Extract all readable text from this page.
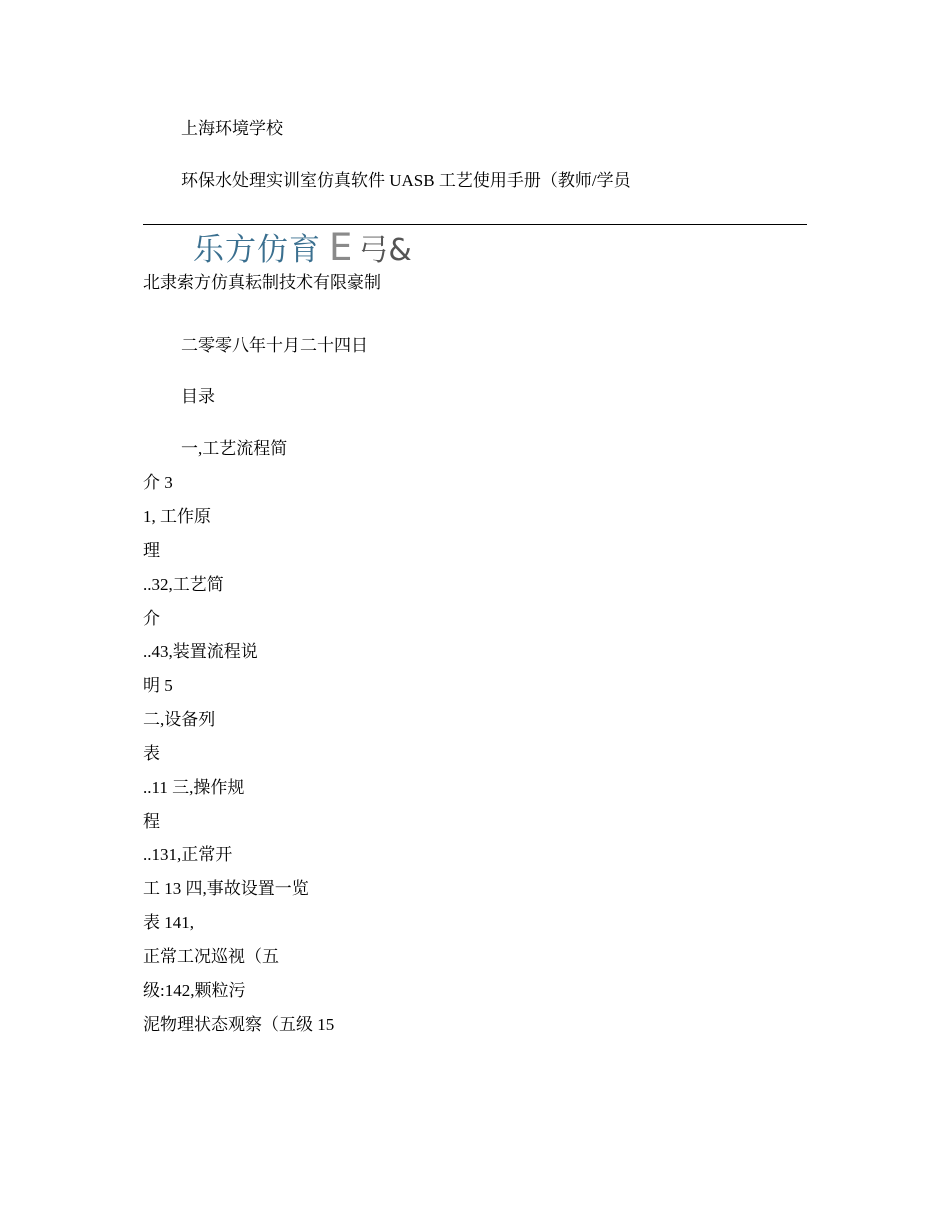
上海环境学校
环保水处理实训室仿真软件 UASB 工艺使用手册（教师/学员
乐方仿育 E 弓&
北隶索方仿真耘制技术有限豪制
二零零八年十月二十四日
目录
一,工艺流程简
介 3
1, 工作原
理
..32,工艺简
介
..43,装置流程说
明 5
二,设备列
表
..11 三,操作规
程
..131,正常开
工 13 四,事故设置一览
表 141,
正常工况巡视（五
级:142,颗粒污
泥物理状态观察（五级 15
